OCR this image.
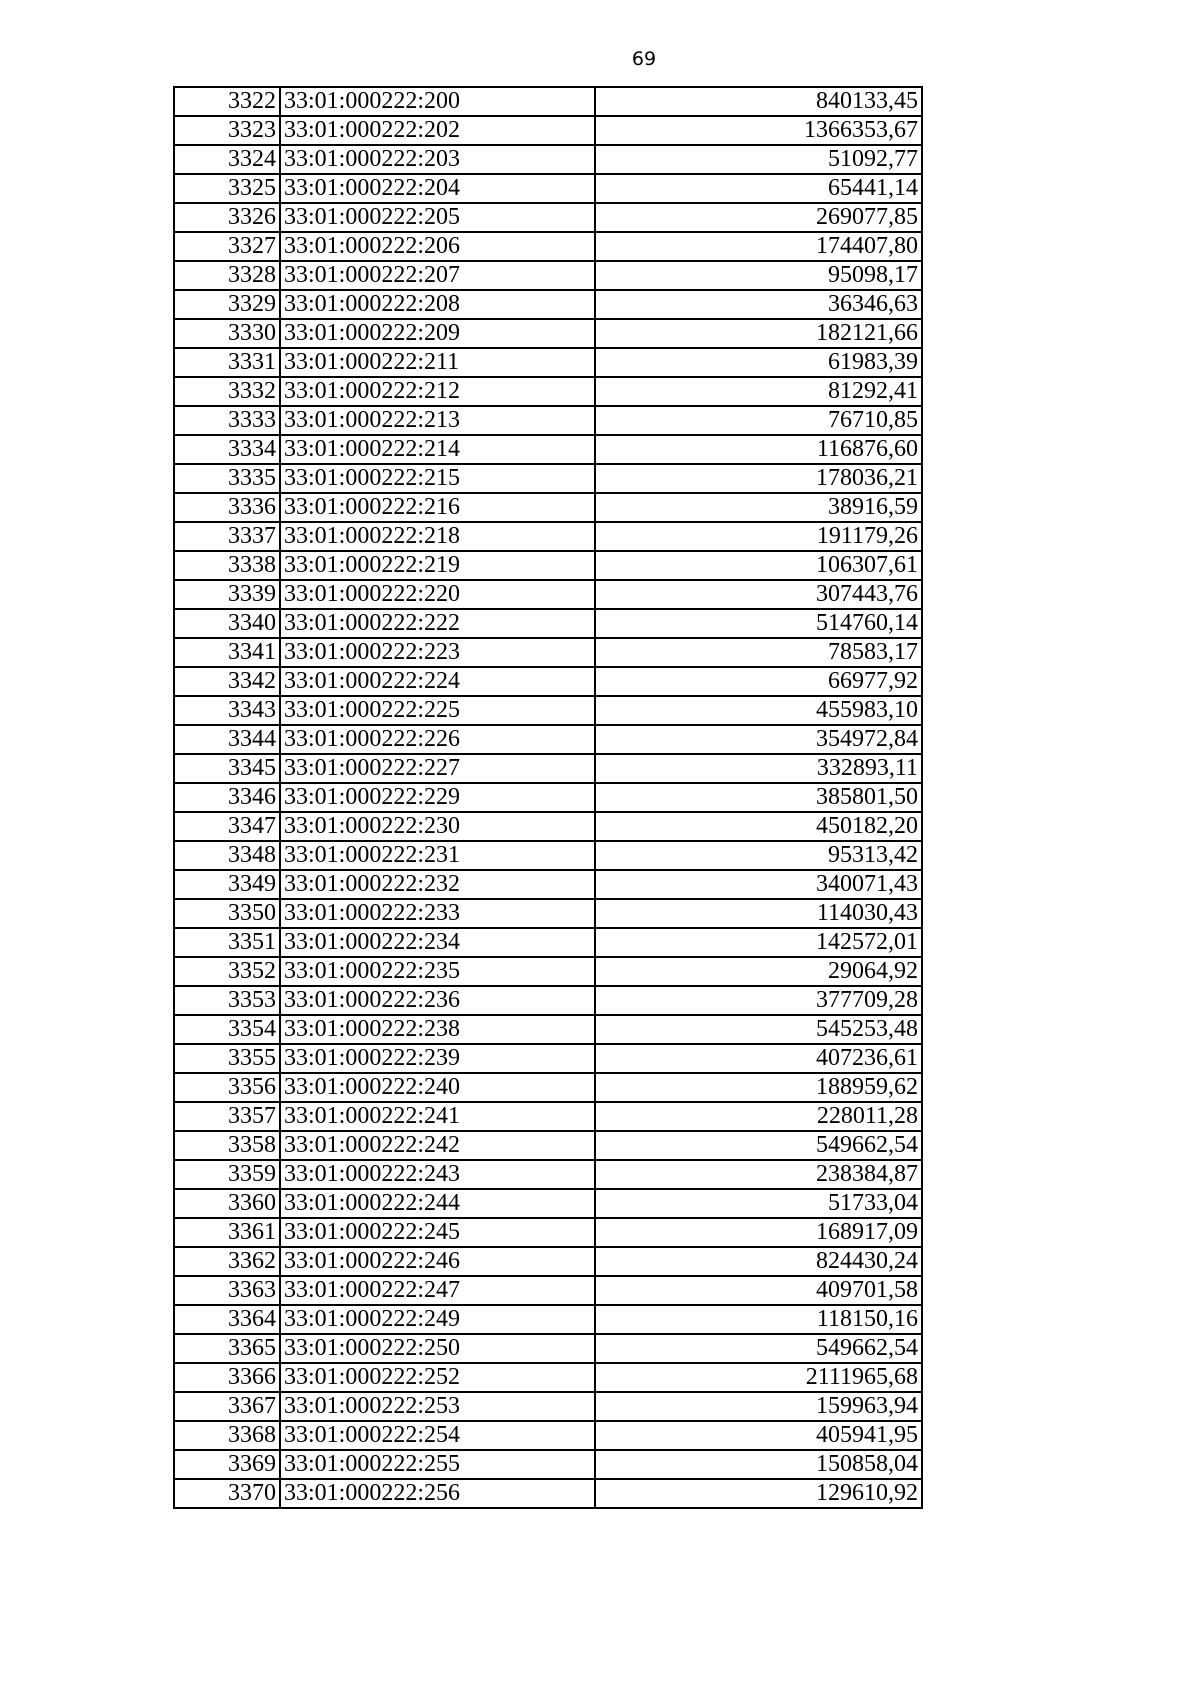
69
3322	33:01:000222:200	840133,45
3323	33:01:000222:202	1366353,67
3324	33:01:000222:203	51092,77
3325	33:01:000222:204	65441,14
3326	33:01:000222:205	269077,85
3327	33:01:000222:206	174407,80
3328	33:01:000222:207	95098,17
3329	33:01:000222:208	36346,63
3330	33:01:000222:209	182121,66
3331	33:01:000222:211	61983,39
3332	33:01:000222:212	81292,41
3333	33:01:000222:213	76710,85
3334	33:01:000222:214	116876,60
3335	33:01:000222:215	178036,21
3336	33:01:000222:216	38916,59
3337	33:01:000222:218	191179,26
3338	33:01:000222:219	106307,61
3339	33:01:000222:220	307443,76
3340	33:01:000222:222	514760,14
3341	33:01:000222:223	78583,17
3342	33:01:000222:224	66977,92
3343	33:01:000222:225	455983,10
3344	33:01:000222:226	354972,84
3345	33:01:000222:227	332893,11
3346	33:01:000222:229	385801,50
3347	33:01:000222:230	450182,20
3348	33:01:000222:231	95313,42
3349	33:01:000222:232	340071,43
3350	33:01:000222:233	114030,43
3351	33:01:000222:234	142572,01
3352	33:01:000222:235	29064,92
3353	33:01:000222:236	377709,28
3354	33:01:000222:238	545253,48
3355	33:01:000222:239	407236,61
3356	33:01:000222:240	188959,62
3357	33:01:000222:241	228011,28
3358	33:01:000222:242	549662,54
3359	33:01:000222:243	238384,87
3360	33:01:000222:244	51733,04
3361	33:01:000222:245	168917,09
3362	33:01:000222:246	824430,24
3363	33:01:000222:247	409701,58
3364	33:01:000222:249	118150,16
3365	33:01:000222:250	549662,54
3366	33:01:000222:252	2111965,68
3367	33:01:000222:253	159963,94
3368	33:01:000222:254	405941,95
3369	33:01:000222:255	150858,04
3370	33:01:000222:256	129610,92
